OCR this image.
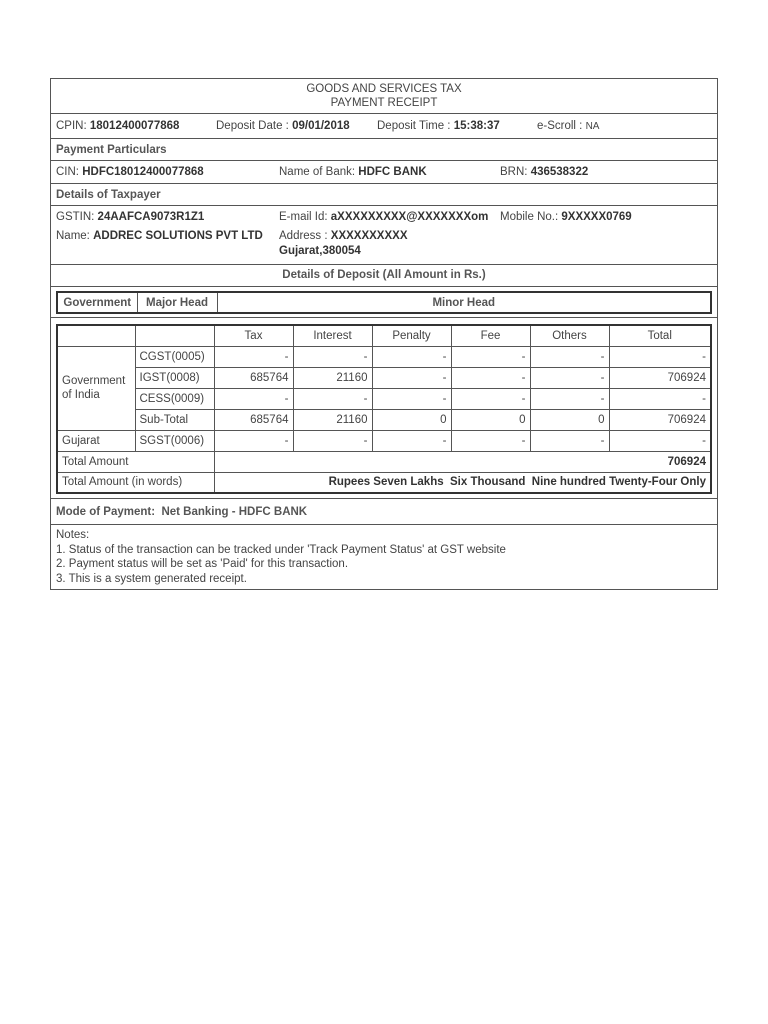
GOODS AND SERVICES TAX
PAYMENT RECEIPT
CPIN: 18012400077868	Deposit Date : 09/01/2018 Deposit Time : 15:38:37	e-Scroll : NA
Payment Particulars
CIN: HDFC18012400077868	Name of Bank: HDFC BANK	BRN: 436538322
Details of Taxpayer
GSTIN: 24AAFCA9073R1Z1
Name: ADDREC SOLUTIONS PVT LTD
E-mail Id: aXXXXXXXXX@XXXXXXXom Mobile No.: 9XXXXX0769
Address : XXXXXXXXXX
Gujarat,380054
Details of Deposit (All Amount in Rs.)
Government	Major Head	Minor Head
		Tax	Interest	Penalty	Fee	Others	Total
Government of India	CGST(0005)	-	-	-	-	-	-
	IGST(0008)	685764	21160	-	-	-	706924
	CESS(0009)	-	-	-	-	-	-
	Sub-Total	685764	21160	0	0	0	706924
Gujarat	SGST(0006)	-	-	-	-	-	-
Total Amount		706924					
Total Amount (in words)		Rupees Seven Lakhs  Six Thousand  Nine hundred Twenty-Four Only					
Mode of Payment:
Net Banking - HDFC BANK
Notes:
1. Status of the transaction can be tracked under 'Track Payment Status' at GST website
2. Payment status will be set as 'Paid' for this transaction.
3. This is a system generated receipt.
